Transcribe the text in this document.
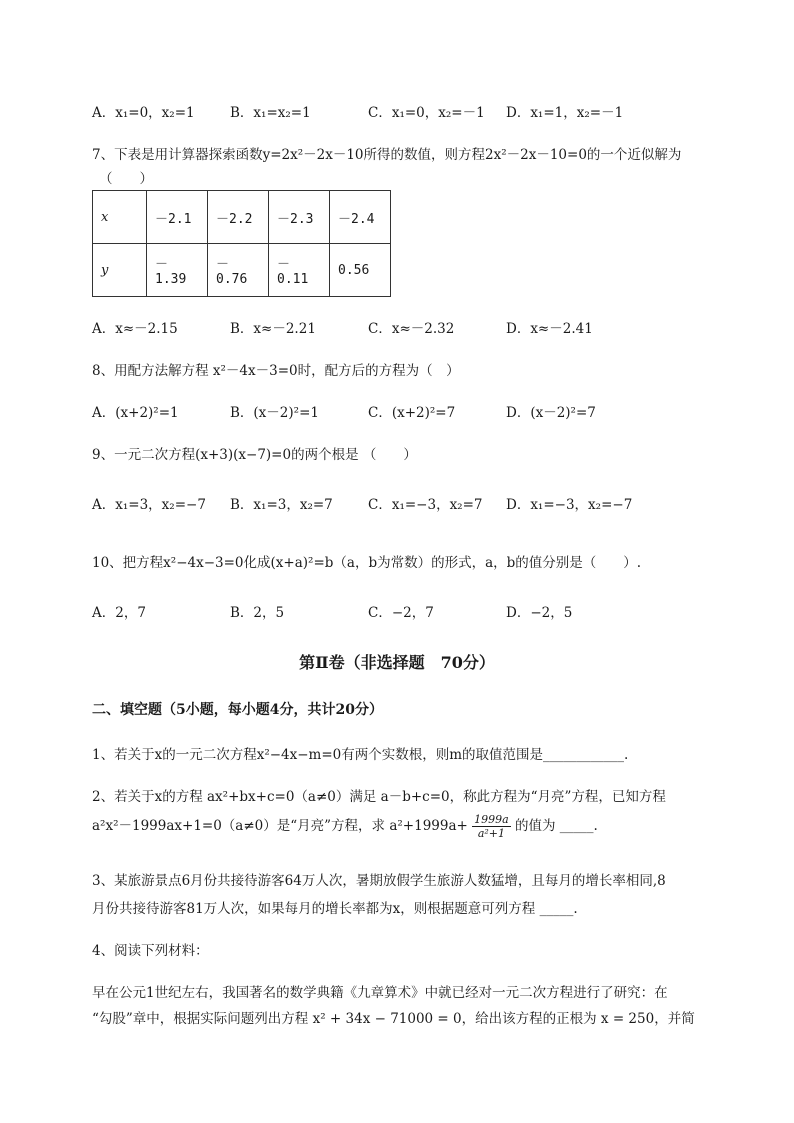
A．x₁=0，x₂=1	B．x₁=x₂=1	C．x₁=0，x₂=－1 D．x₁=1，x₂=－1
7、下表是用计算器探索函数y=2x²－2x－10所得的数值，则方程2x²－2x－10=0的一个近似解为
（　　）
x	－2.1	－2.2	－2.3	－2.4
y	－1.39	－0.76	－0.11	0.56
A．x≈－2.15	B．x≈－2.21	C．x≈－2.32	D．x≈－2.41
8、用配方法解方程 x²－4x－3=0时，配方后的方程为（　）
A．(x+2)²=1	B．(x－2)²=1	C．(x+2)²=7	D．(x－2)²=7
9、一元二次方程(x+3)(x−7)=0的两个根是 （　　）
A．x₁=3，x₂=−7 B．x₁=3，x₂=7	C．x₁=−3，x₂=7 D．x₁=−3，x₂=−7
10、把方程x²−4x−3=0化成(x+a)²=b（a，b为常数）的形式，a，b的值分别是（　　）.
A．2，7	B．2，5	C．−2，7	D．−2，5
第Ⅱ卷（非选择题　70分）
二、填空题（5小题，每小题4分，共计20分）
1、若关于x的一元二次方程x²−4x−m=0有两个实数根，则m的取值范围是____________.
2、若关于x的方程 ax²+bx+c=0（a≠0）满足 a－b+c=0，称此方程为“月亮”方程，已知方程
a²x²－1999ax+1=0（a≠0）是“月亮”方程，求 $a^2+1999a+ \frac{1999a}{\text{a²+1}}$ 的值为 _____.
3、某旅游景点6月份共接待游客64万人次，暑期放假学生旅游人数猛增，且每月的增长率相同,8
月份共接待游客81万人次，如果每月的增长率都为x，则根据题意可列方程 _____.
4、阅读下列材料：
早在公元1世纪左右，我国著名的数学典籍《九章算术》中就已经对一元二次方程进行了研究：在
“勾股”章中，根据实际问题列出方程 x² + 34x − 71000 = 0，给出该方程的正根为 x = 250，并简
